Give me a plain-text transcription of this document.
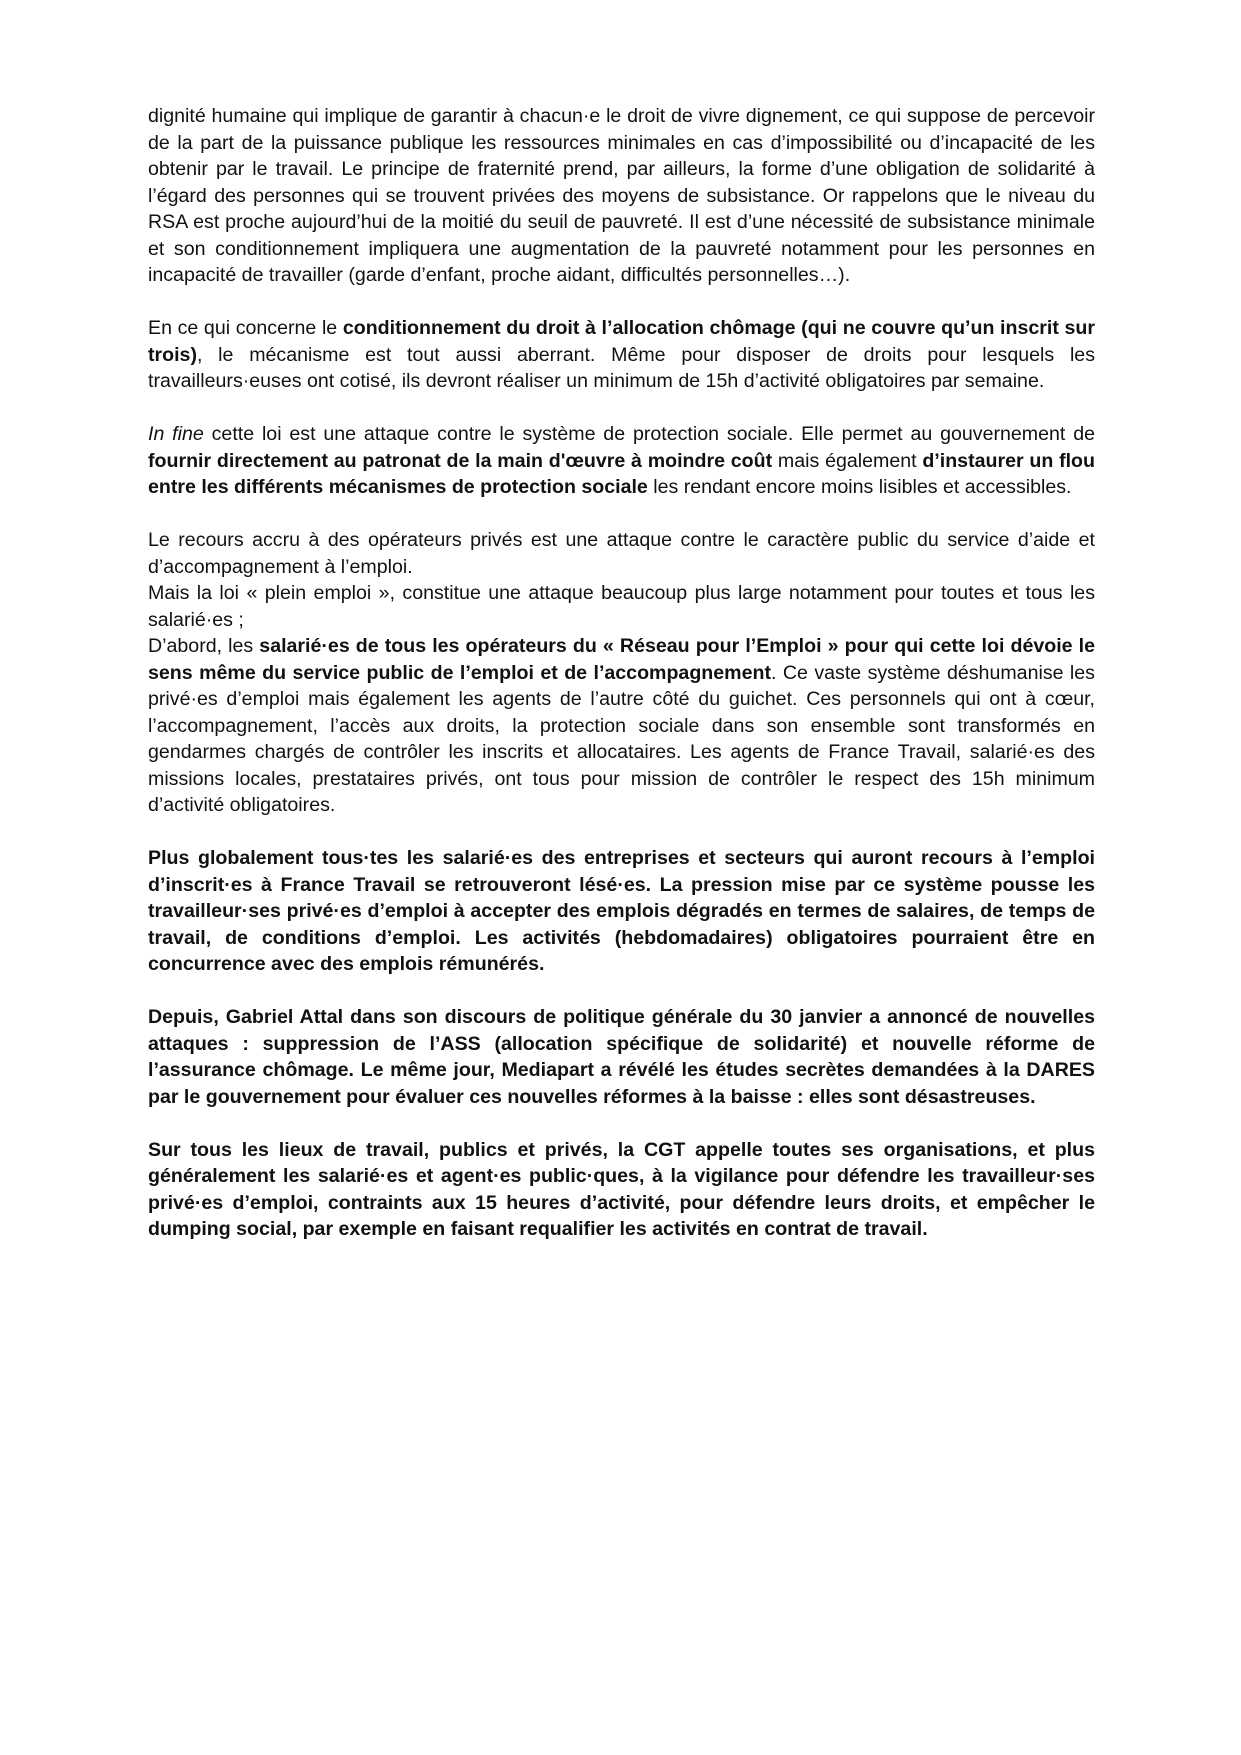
dignité humaine qui implique de garantir à chacun·e le droit de vivre dignement, ce qui suppose de percevoir de la part de la puissance publique les ressources minimales en cas d’impossibilité ou d’incapacité de les obtenir par le travail. Le principe de fraternité prend, par ailleurs, la forme d’une obligation de solidarité à l’égard des personnes qui se trouvent privées des moyens de subsistance. Or rappelons que le niveau du RSA est proche aujourd’hui de la moitié du seuil de pauvreté. Il est d’une nécessité de subsistance minimale et son conditionnement impliquera une augmentation de la pauvreté notamment pour les personnes en incapacité de travailler (garde d’enfant, proche aidant, difficultés personnelles…).

En ce qui concerne le conditionnement du droit à l’allocation chômage (qui ne couvre qu’un inscrit sur trois), le mécanisme est tout aussi aberrant. Même pour disposer de droits pour lesquels les travailleurs·euses ont cotisé, ils devront réaliser un minimum de 15h d’activité obligatoires par semaine.

In fine cette loi est une attaque contre le système de protection sociale. Elle permet au gouvernement de fournir directement au patronat de la main d'œuvre à moindre coût mais également d’instaurer un flou entre les différents mécanismes de protection sociale les rendant encore moins lisibles et accessibles.

Le recours accru à des opérateurs privés est une attaque contre le caractère public du service d’aide et d’accompagnement à l’emploi.

Mais la loi « plein emploi », constitue une attaque beaucoup plus large notamment pour toutes et tous les salarié·es ;

D’abord, les salarié·es de tous les opérateurs du « Réseau pour l’Emploi » pour qui cette loi dévoie le sens même du service public de l’emploi et de l’accompagnement. Ce vaste système déshumanise les privé·es d’emploi mais également les agents de l’autre côté du guichet. Ces personnels qui ont à cœur, l’accompagnement, l’accès aux droits, la protection sociale dans son ensemble sont transformés en gendarmes chargés de contrôler les inscrits et allocataires. Les agents de France Travail, salarié·es des missions locales, prestataires privés, ont tous pour mission de contrôler le respect des 15h minimum d’activité obligatoires.

Plus globalement tous·tes les salarié·es des entreprises et secteurs qui auront recours à l’emploi d’inscrit·es à France Travail se retrouveront lésé·es. La pression mise par ce système pousse les travailleur·ses privé·es d’emploi à accepter des emplois dégradés en termes de salaires, de temps de travail, de conditions d’emploi. Les activités (hebdomadaires) obligatoires pourraient être en concurrence avec des emplois rémunérés.

Depuis, Gabriel Attal dans son discours de politique générale du 30 janvier a annoncé de nouvelles attaques : suppression de l’ASS (allocation spécifique de solidarité) et nouvelle réforme de l’assurance chômage. Le même jour, Mediapart a révélé les études secrètes demandées à la DARES par le gouvernement pour évaluer ces nouvelles réformes à la baisse : elles sont désastreuses.

Sur tous les lieux de travail, publics et privés, la CGT appelle toutes ses organisations, et plus généralement les salarié·es et agent·es public·ques, à la vigilance pour défendre les travailleur·ses privé·es d’emploi, contraints aux 15 heures d’activité, pour défendre leurs droits, et empêcher le dumping social, par exemple en faisant requalifier les activités en contrat de travail.
